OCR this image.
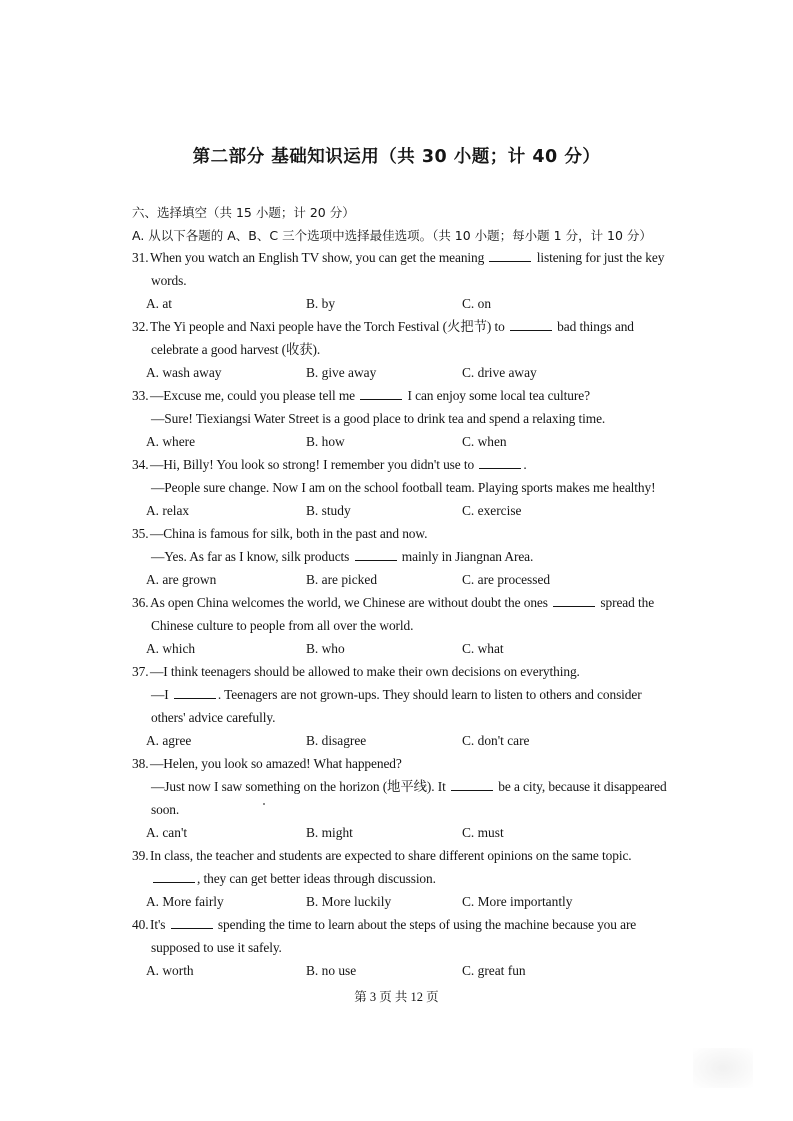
第二部分 基础知识运用（共 30 小题；计 40 分）

六、选择填空（共 15 小题；计 20 分）

A. 从以下各题的 A、B、C 三个选项中选择最佳选项。（共 10 小题；每小题 1 分，计 10 分）

31. When you watch an English TV show, you can get the meaning	listening for just the key
words.
A. at	B. by	C. on
32. The Yi people and Naxi people have the Torch Festival (火把节) to	bad things and
celebrate a good harvest (收获).
A. wash away	B. give away	C. drive away
33. —Excuse me, could you please tell me	I can enjoy some local tea culture?
—Sure! Tiexiangsi Water Street is a good place to drink tea and spend a relaxing time.
A. where	B. how	C. when
34. —Hi, Billy! You look so strong! I remember you didn't use to	.
—People sure change. Now I am on the school football team. Playing sports makes me healthy!
A. relax	B. study	C. exercise
35. —China is famous for silk, both in the past and now.
—Yes. As far as I know, silk products	mainly in Jiangnan Area.
A. are grown	B. are picked	C. are processed
36. As open China welcomes the world, we Chinese are without doubt the ones	spread the
Chinese culture to people from all over the world.
A. which	B. who	C. what
37. —I think teenagers should be allowed to make their own decisions on everything.
—I	. Teenagers are not grown-ups. They should learn to listen to others and consider
others' advice carefully.
A. agree	B. disagree	C. don't care
38. —Helen, you look so amazed! What happened?
—Just now I saw something on the horizon (地平线). It	be a city, because it disappeared
soon.
A. can't	B. might	C. must
39. In class, the teacher and students are expected to share different opinions on the same topic.
, they can get better ideas through discussion.
A. More fairly	B. More luckily	C. More importantly
40. It's	spending the time to learn about the steps of using the machine because you are
supposed to use it safely.
A. worth	B. no use	C. great fun

第 3 页 共 12 页
